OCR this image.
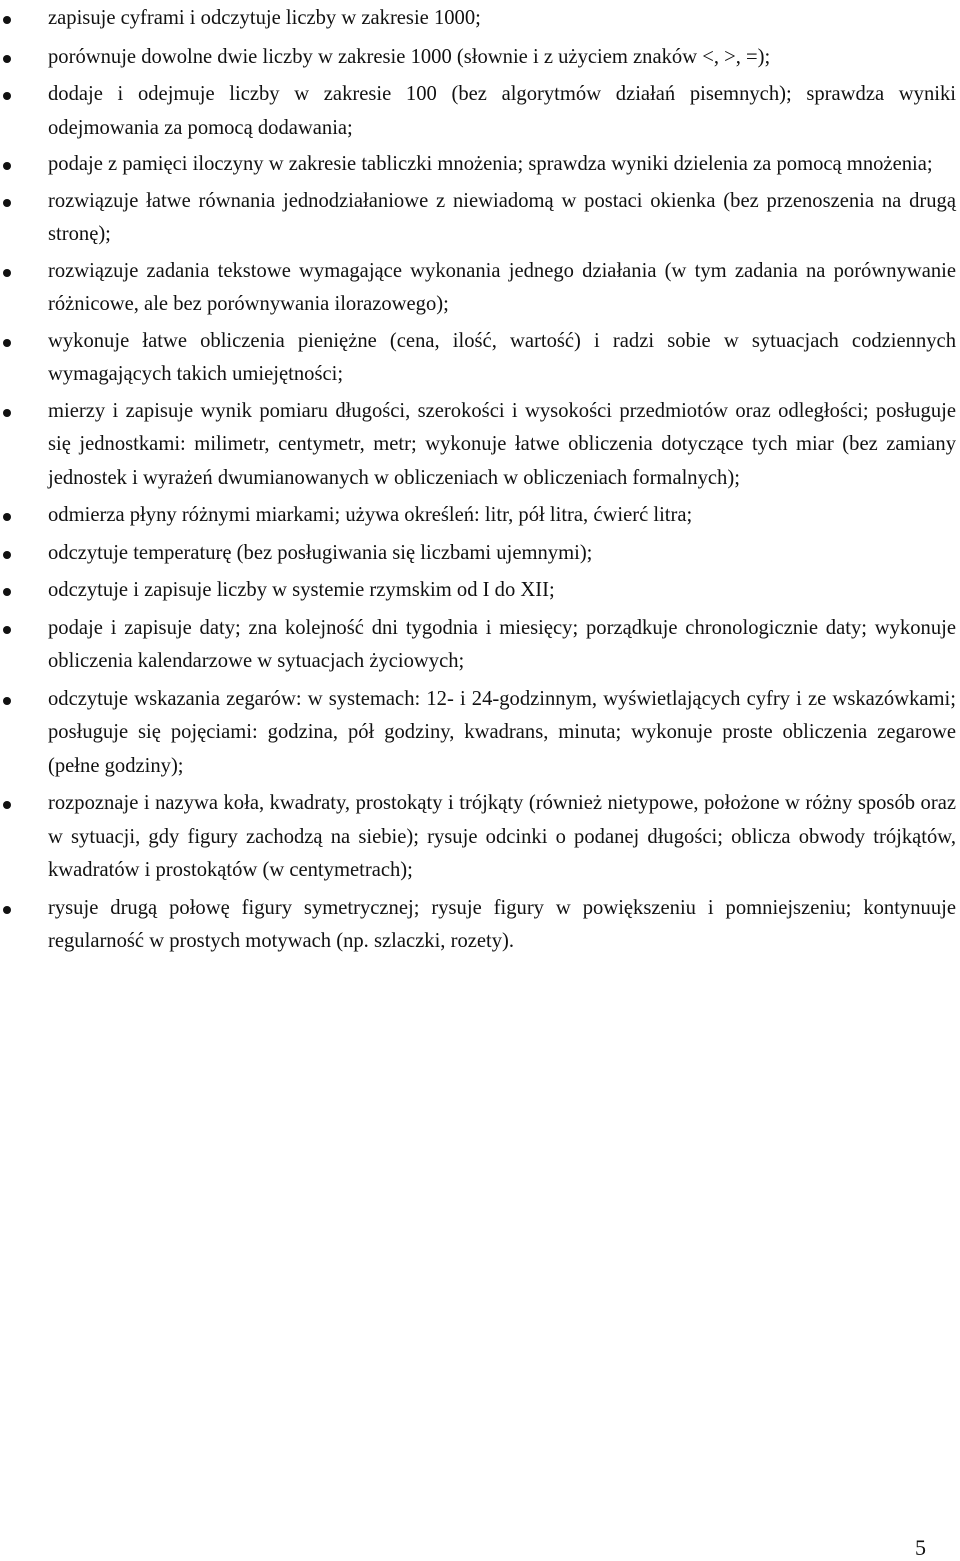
zapisuje cyframi i odczytuje liczby w zakresie 1000;
porównuje dowolne dwie liczby w zakresie 1000 (słownie i z użyciem znaków <, >, =);
dodaje i odejmuje liczby w zakresie 100 (bez algorytmów działań pisemnych); sprawdza wyniki odejmowania za pomocą dodawania;
podaje z pamięci iloczyny w zakresie tabliczki mnożenia; sprawdza wyniki dzielenia za pomocą mnożenia;
rozwiązuje łatwe równania jednodziałaniowe z niewiadomą w postaci okienka (bez przenoszenia na drugą stronę);
rozwiązuje zadania tekstowe wymagające wykonania jednego działania (w tym zadania na porównywanie różnicowe, ale bez porównywania ilorazowego);
wykonuje łatwe obliczenia pieniężne (cena, ilość, wartość) i radzi sobie w sytuacjach codziennych wymagających takich umiejętności;
mierzy i zapisuje wynik pomiaru długości, szerokości i wysokości przedmiotów oraz odległości; posługuje się jednostkami: milimetr, centymetr, metr; wykonuje łatwe obliczenia dotyczące tych miar (bez zamiany jednostek i wyrażeń dwumianowanych w obliczeniach w obliczeniach formalnych);
odmierza płyny różnymi miarkami; używa określeń: litr, pół litra, ćwierć litra;
odczytuje temperaturę (bez posługiwania się liczbami ujemnymi);
odczytuje i zapisuje liczby w systemie rzymskim od I do XII;
podaje i zapisuje daty; zna kolejność dni tygodnia i miesięcy; porządkuje chronologicznie daty; wykonuje obliczenia kalendarzowe w sytuacjach życiowych;
odczytuje wskazania zegarów: w systemach: 12- i 24-godzinnym, wyświetlających cyfry i ze wskazówkami; posługuje się pojęciami: godzina, pół godziny, kwadrans, minuta; wykonuje proste obliczenia zegarowe (pełne godziny);
rozpoznaje i nazywa koła, kwadraty, prostokąty i trójkąty (również nietypowe, położone w różny sposób oraz w sytuacji, gdy figury zachodzą na siebie); rysuje odcinki o podanej długości; oblicza obwody trójkątów, kwadratów i prostokątów (w centymetrach);
rysuje drugą połowę figury symetrycznej; rysuje figury w powiększeniu i pomniejszeniu; kontynuuje regularność w prostych motywach (np. szlaczki, rozety).
5
